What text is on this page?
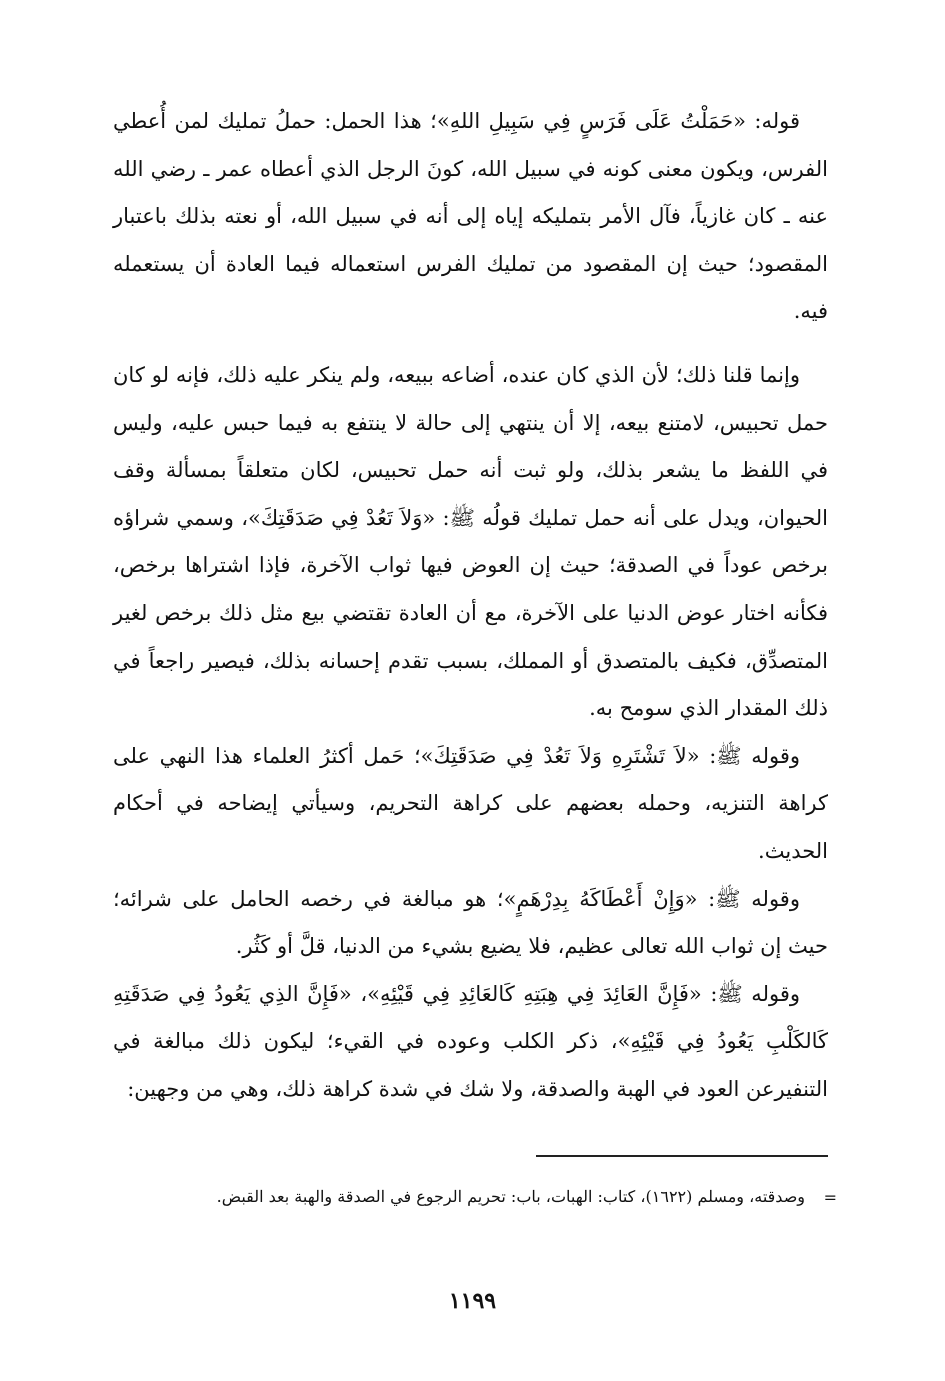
قوله: «حَمَلْتُ عَلَى فَرَسٍ فِي سَبِيلِ اللهِ»؛ هذا الحمل: حملُ تمليك لمن أُعطي الفرس، ويكون معنى كونه في سبيل الله، كونَ الرجل الذي أعطاه عمر ـ رضي الله عنه ـ كان غازياً، فآل الأمر بتمليكه إياه إلى أنه في سبيل الله، أو نعته بذلك باعتبار المقصود؛ حيث إن المقصود من تمليك الفرس استعماله فيما العادة أن يستعمله فيه.

وإنما قلنا ذلك؛ لأن الذي كان عنده، أضاعه ببيعه، ولم ينكر عليه ذلك، فإنه لو كان حمل تحبيس، لامتنع بيعه، إلا أن ينتهي إلى حالة لا ينتفع به فيما حبس عليه، وليس في اللفظ ما يشعر بذلك، ولو ثبت أنه حمل تحبيس، لكان متعلقاً بمسألة وقف الحيوان، ويدل على أنه حمل تمليك قولُه ﷺ: «وَلاَ تَعُدْ فِي صَدَقَتِكَ»، وسمي شراؤه برخص عوداً في الصدقة؛ حيث إن العوض فيها ثواب الآخرة، فإذا اشتراها برخص، فكأنه اختار عوض الدنيا على الآخرة، مع أن العادة تقتضي بيع مثل ذلك برخص لغير المتصدِّق، فكيف بالمتصدق أو المملك، بسبب تقدم إحسانه بذلك، فيصير راجعاً في ذلك المقدار الذي سومح به.

وقوله ﷺ: «لاَ تَشْتَرِهِ وَلاَ تَعُدْ فِي صَدَقَتِكَ»؛ حَمل أكثرُ العلماء هذا النهي على كراهة التنزيه، وحمله بعضهم على كراهة التحريم، وسيأتي إيضاحه في أحكام الحديث.

وقوله ﷺ: «وَإِنْ أَعْطَاكَهُ بِدِرْهَمٍ»؛ هو مبالغة في رخصه الحامل على شرائه؛ حيث إن ثواب الله تعالى عظيم، فلا يضيع بشيء من الدنيا، قلَّ أو كَثُر.

وقوله ﷺ: «فَإِنَّ العَائِدَ فِي هِبَتِهِ كَالعَائِدِ فِي قَيْئِهِ»، «فَإِنَّ الذِي يَعُودُ فِي صَدَقَتِهِ كَالكَلْبِ يَعُودُ فِي قَيْئِهِ»، ذكر الكلب وعوده في القيء؛ ليكون ذلك مبالغة في التنفيرعن العود في الهبة والصدقة، ولا شك في شدة كراهة ذلك، وهي من وجهين:

=
وصدقته، ومسلم (١٦٢٢)، كتاب: الهبات، باب: تحريم الرجوع في الصدقة والهبة بعد القبض.
١١٩٩
